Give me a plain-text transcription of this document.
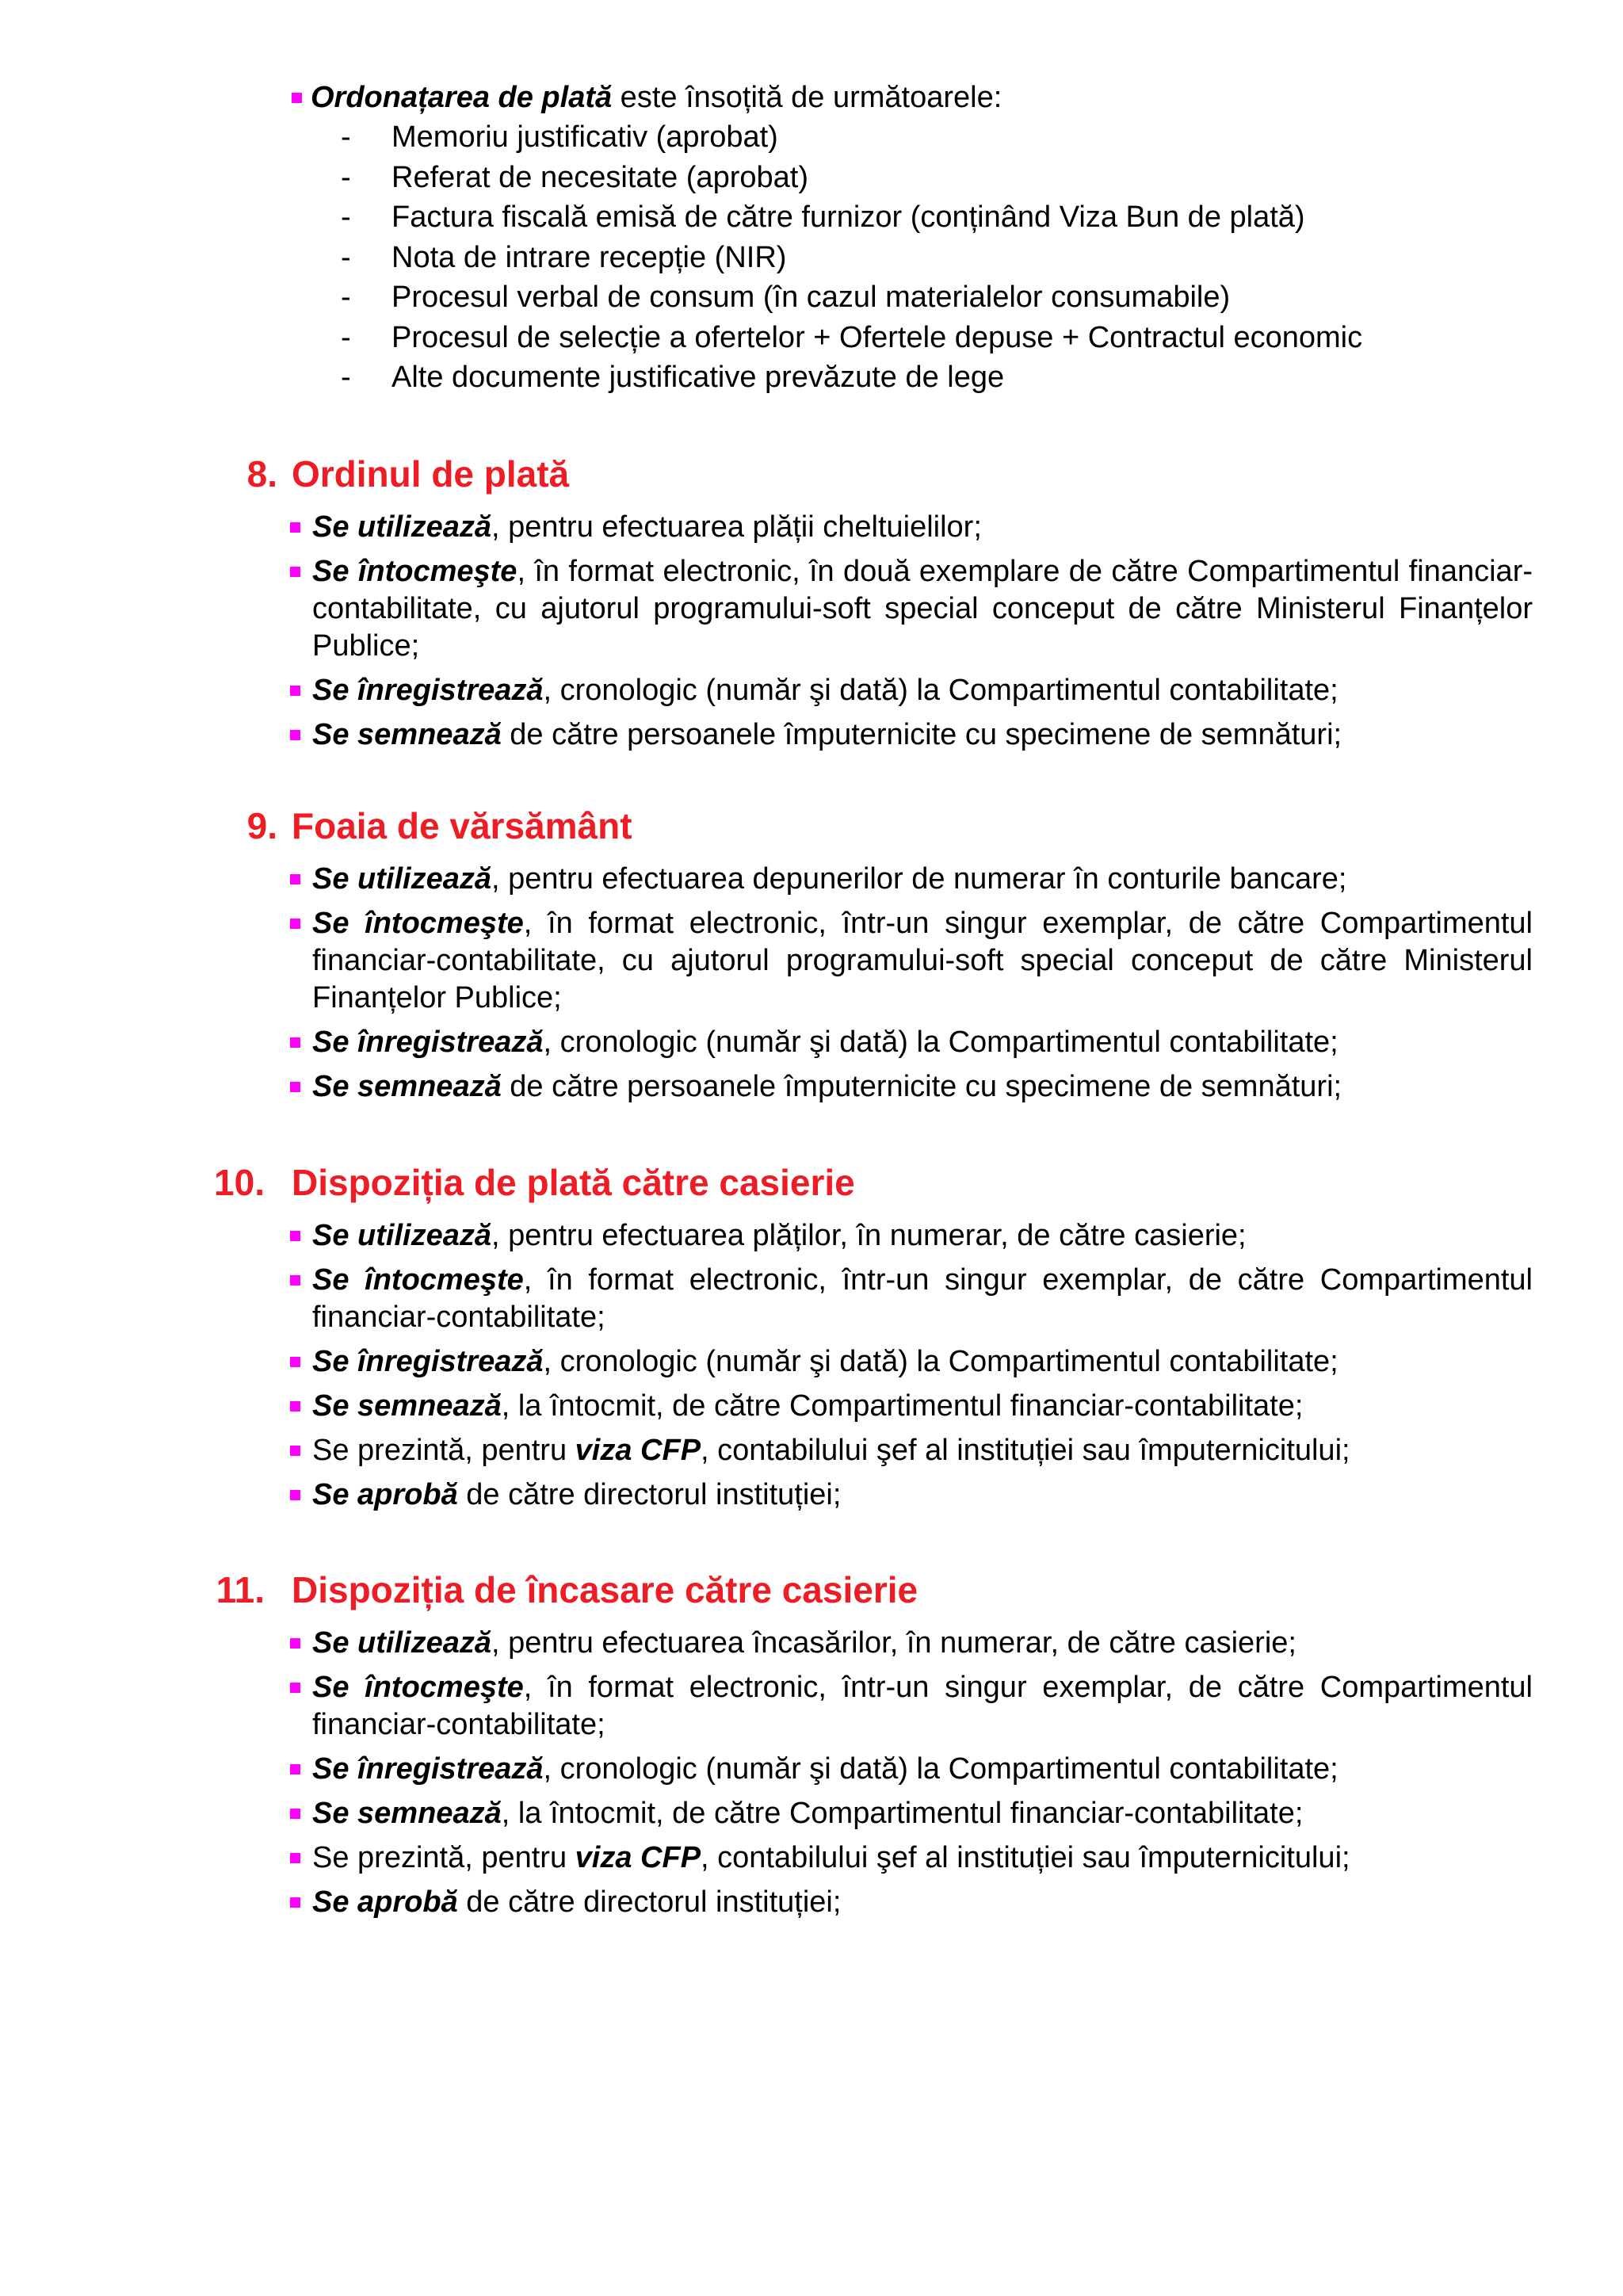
Ordonațarea de plată este însoțită de următoarele:
- Memoriu justificativ (aprobat)
- Referat de necesitate (aprobat)
- Factura fiscală emisă de către furnizor (conținând Viza Bun de plată)
- Nota de intrare recepție (NIR)
- Procesul verbal de consum (în cazul materialelor consumabile)
- Procesul de selecție a ofertelor + Ofertele depuse + Contractul economic
- Alte documente justificative prevăzute de lege
8. Ordinul de plată
Se utilizează, pentru efectuarea plății cheltuielilor;
Se întocmeşte, în format electronic, în două exemplare de către Compartimentul financiar-contabilitate, cu ajutorul programului-soft special conceput de către Ministerul Finanțelor Publice;
Se înregistrează, cronologic (număr şi dată) la Compartimentul contabilitate;
Se semnează de către persoanele împuternicite cu specimene de semnături;
9. Foaia de vărsământ
Se utilizează, pentru efectuarea depunerilor de numerar în conturile bancare;
Se întocmeşte, în format electronic, într-un singur exemplar, de către Compartimentul financiar-contabilitate, cu ajutorul programului-soft special conceput de către Ministerul Finanțelor Publice;
Se înregistrează, cronologic (număr şi dată) la Compartimentul contabilitate;
Se semnează de către persoanele împuternicite cu specimene de semnături;
10. Dispoziția de plată către casierie
Se utilizează, pentru efectuarea plăților, în numerar, de către casierie;
Se întocmeşte, în format electronic, într-un singur exemplar, de către Compartimentul financiar-contabilitate;
Se înregistrează, cronologic (număr şi dată) la Compartimentul contabilitate;
Se semnează, la întocmit, de către Compartimentul financiar-contabilitate;
Se prezintă, pentru viza CFP, contabilului şef al instituției sau împuternicitului;
Se aprobă de către directorul instituției;
11. Dispoziția de încasare către casierie
Se utilizează, pentru efectuarea încasărilor, în numerar, de către casierie;
Se întocmeşte, în format electronic, într-un singur exemplar, de către Compartimentul financiar-contabilitate;
Se înregistrează, cronologic (număr şi dată) la Compartimentul contabilitate;
Se semnează, la întocmit, de către Compartimentul financiar-contabilitate;
Se prezintă, pentru viza CFP, contabilului şef al instituției sau împuternicitului;
Se aprobă de către directorul instituției;
